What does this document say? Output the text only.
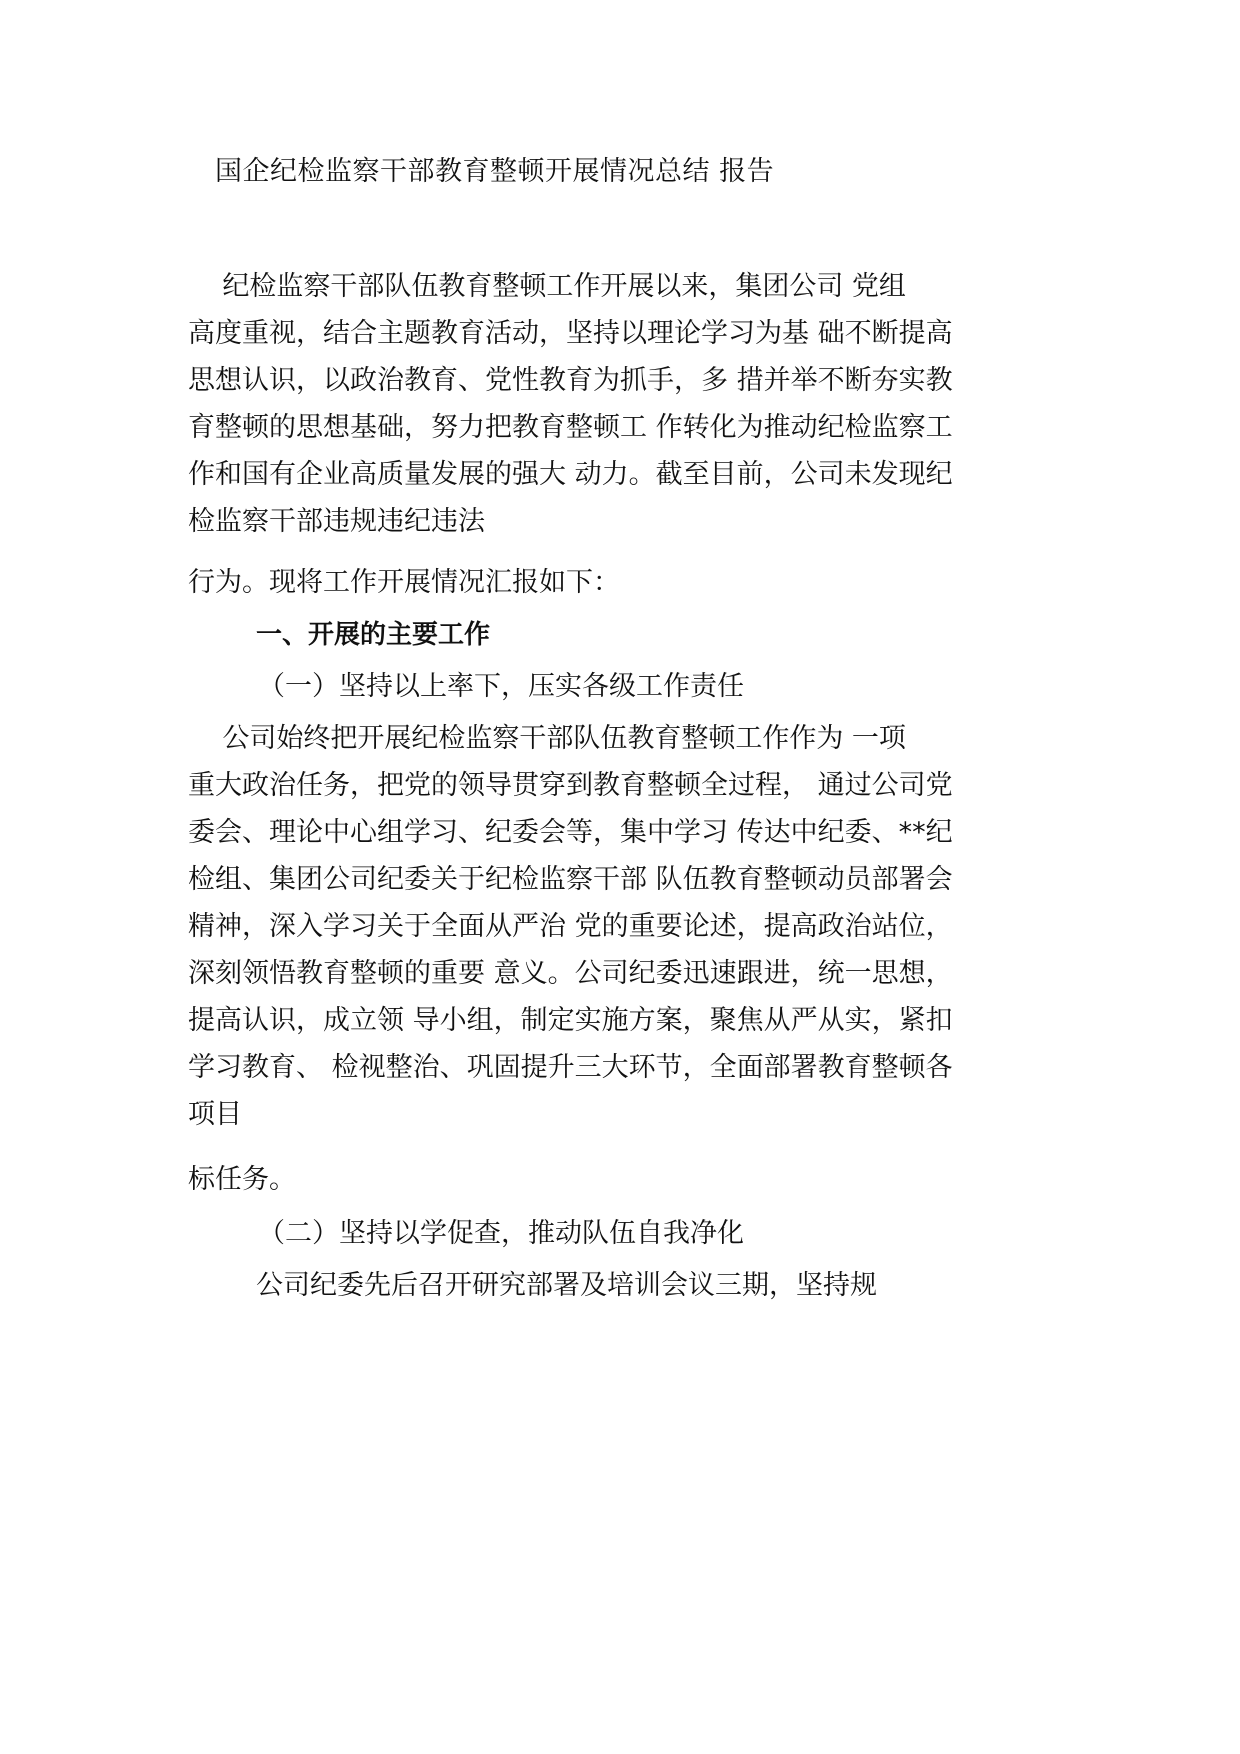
国企纪检监察干部教育整顿开展情况总结 报告
纪检监察干部队伍教育整顿工作开展以来，集团公司 党组
高度重视，结合主题教育活动，坚持以理论学习为基 础不断提高
思想认识，以政治教育、党性教育为抓手，多 措并举不断夯实教
育整顿的思想基础，努力把教育整顿工 作转化为推动纪检监察工
作和国有企业高质量发展的强大 动力。截至目前，公司未发现纪
检监察干部违规违纪违法
行为。现将工作开展情况汇报如下：
一、开展的主要工作
（一）坚持以上率下，压实各级工作责任
公司始终把开展纪检监察干部队伍教育整顿工作作为 一项
重大政治任务，把党的领导贯穿到教育整顿全过程， 通过公司党
委会、理论中心组学习、纪委会等，集中学习 传达中纪委、**纪
检组、集团公司纪委关于纪检监察干部 队伍教育整顿动员部署会
精神，深入学习关于全面从严治 党的重要论述，提高政治站位，
深刻领悟教育整顿的重要 意义。公司纪委迅速跟进，统一思想，
提高认识，成立领 导小组，制定实施方案，聚焦从严从实，紧扣
学习教育、 检视整治、巩固提升三大环节，全面部署教育整顿各
项目
标任务。
（二）坚持以学促查，推动队伍自我净化
公司纪委先后召开研究部署及培训会议三期，坚持规
